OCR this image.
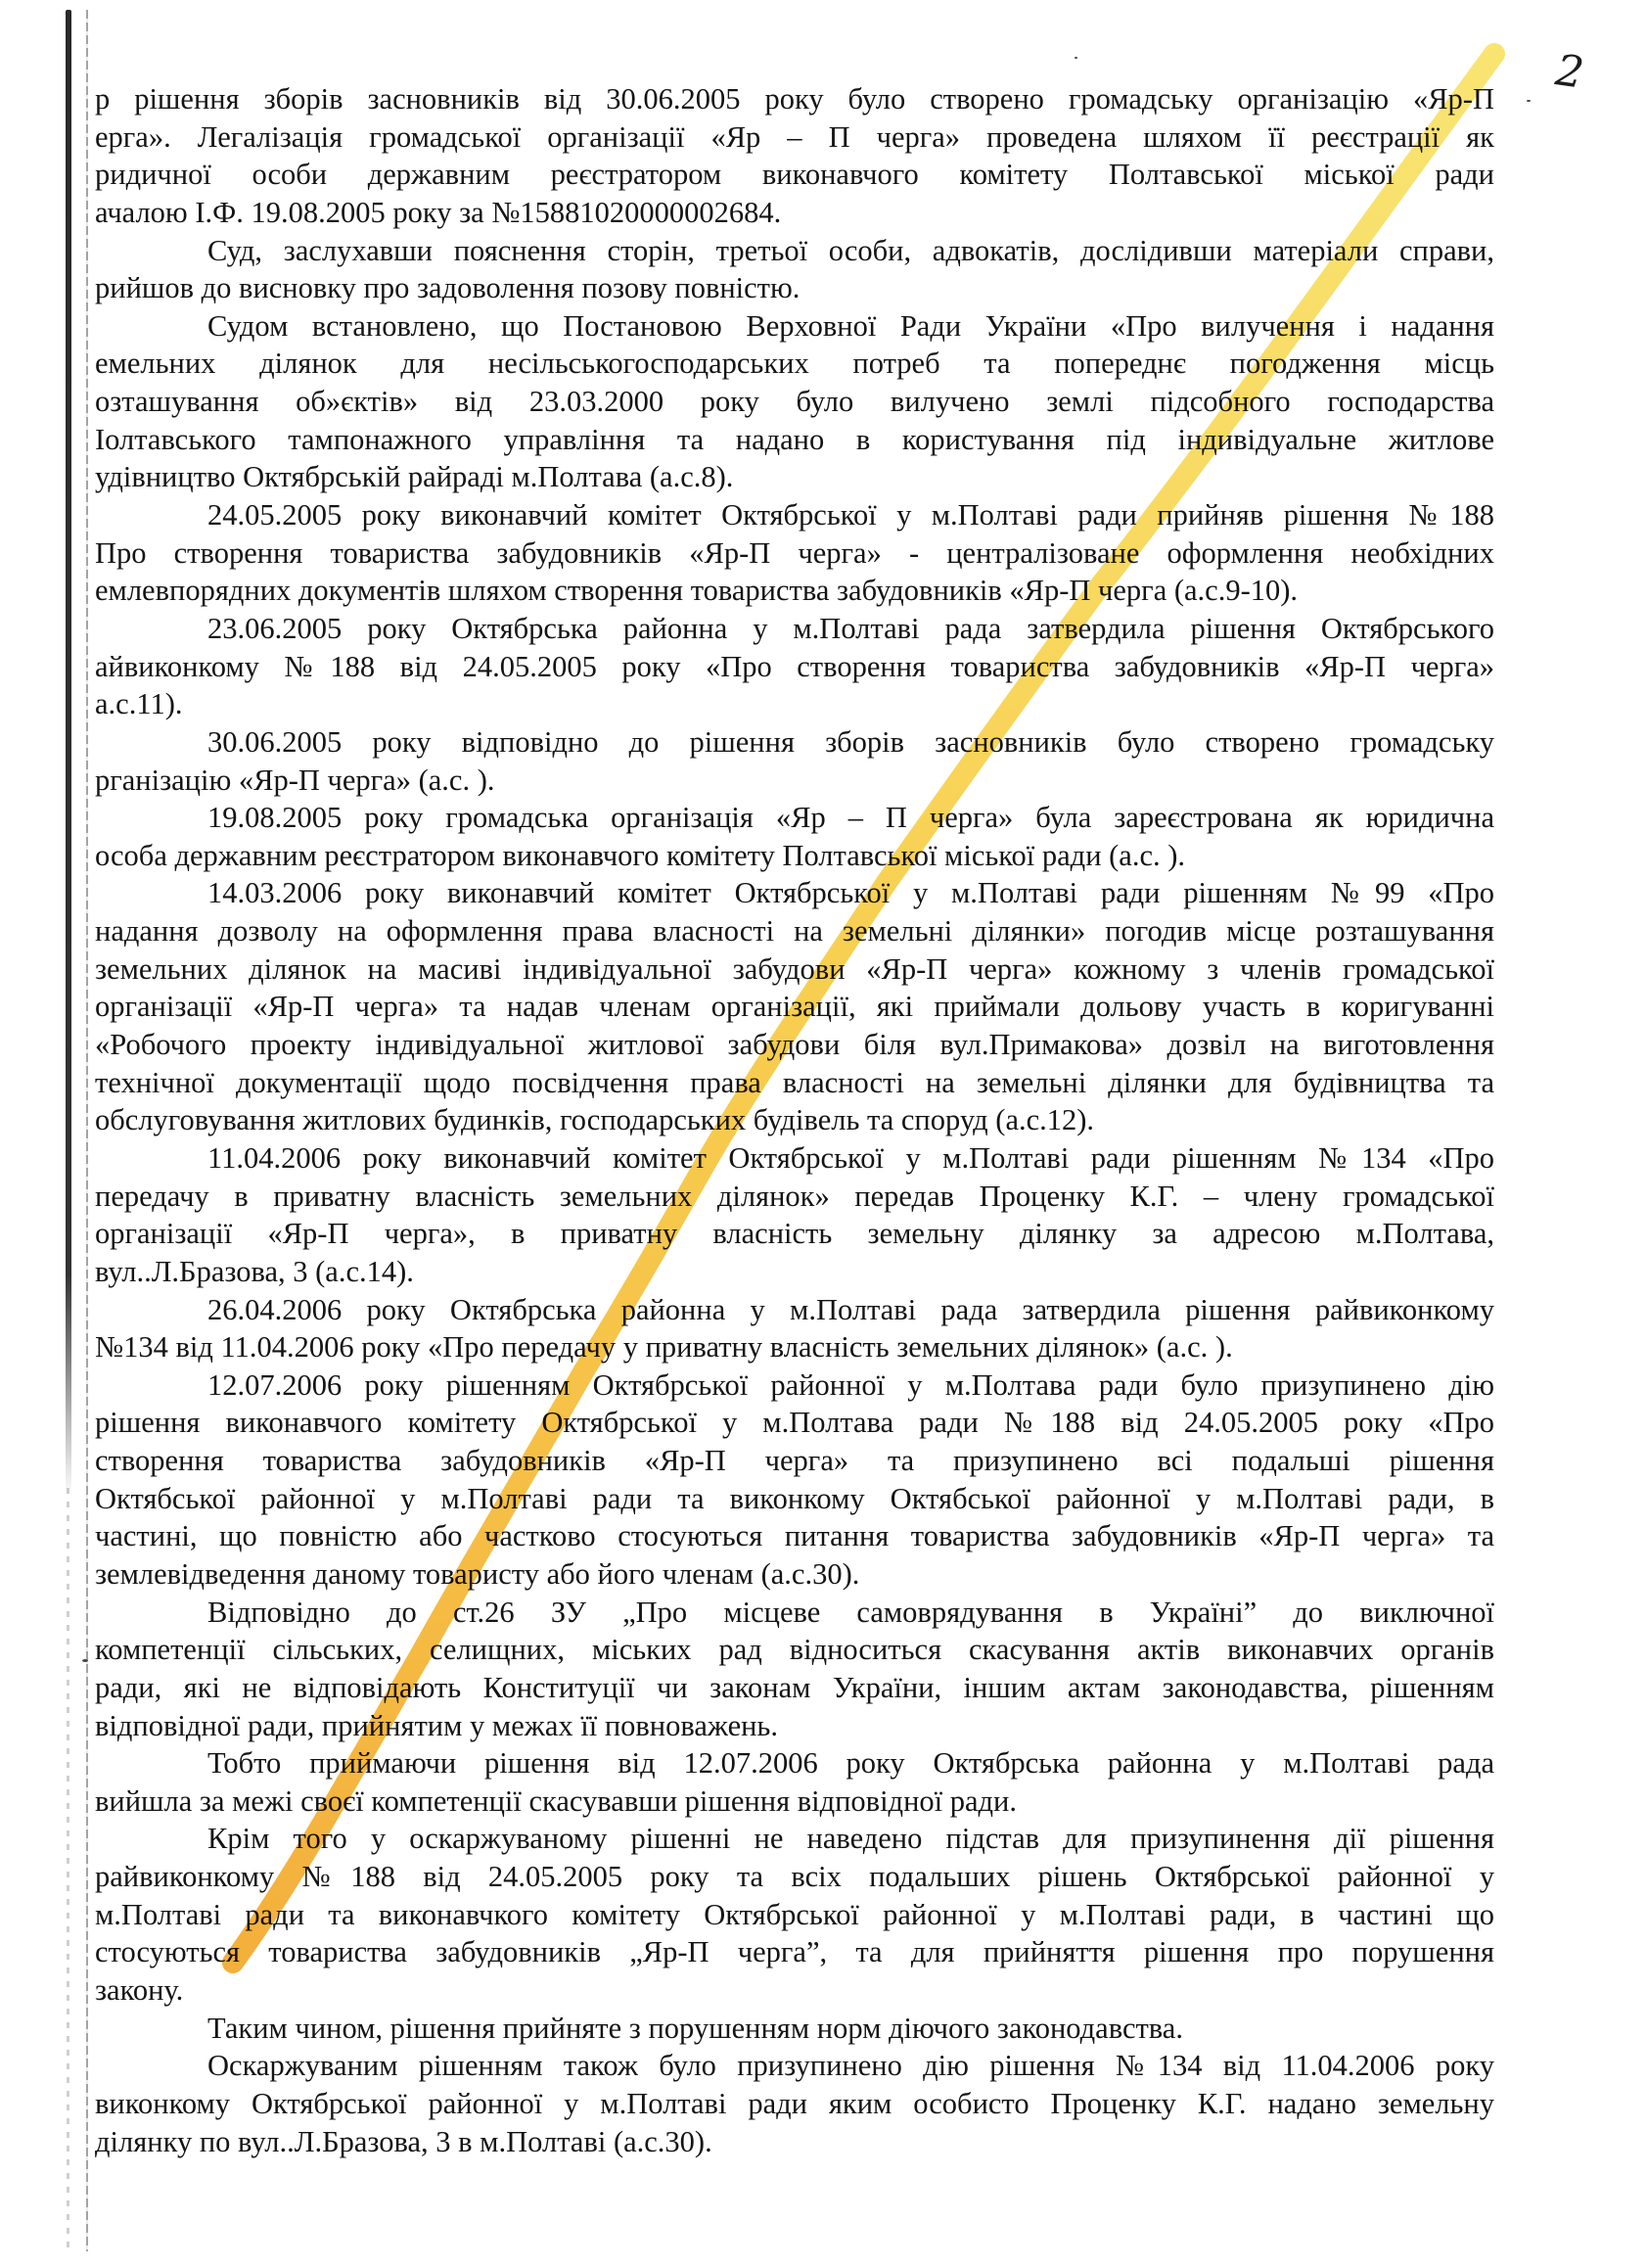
2
р рішення зборів засновників від 30.06.2005 року було створено громадську організацію «Яр-П
ерга». Легалізація громадської організації «Яр – П черга» проведена шляхом її реєстрації як
ридичної особи державним реєстратором виконавчого комітету Полтавської міської ради
ачалою І.Ф. 19.08.2005 року за №15881020000002684.
Суд, заслухавши пояснення сторін, третьої особи, адвокатів, дослідивши матеріали справи,
рийшов до висновку про задоволення позову повністю.
Судом встановлено, що Постановою Верховної Ради України «Про вилучення і надання
емельних ділянок для несільськогосподарських потреб та попереднє погодження місць
озташування об»єктів» від 23.03.2000 року було вилучено землі підсобного господарства
Іолтавського тампонажного управління та надано в користування під індивідуальне житлове
удівництво Октябрській райраді м.Полтава (а.с.8).
24.05.2005 року виконавчий комітет Октябрської у м.Полтаві ради прийняв рішення №188
Про створення товариства забудовників «Яр-П черга» - централізоване оформлення необхідних
емлевпорядних документів шляхом створення товариства забудовників «Яр-П черга (а.с.9-10).
23.06.2005 року Октябрська районна у м.Полтаві рада затвердила рішення Октябрського
айвиконкому №188 від 24.05.2005 року «Про створення товариства забудовників «Яр-П черга»
а.с.11).
30.06.2005 року відповідно до рішення зборів засновників було створено громадську
рганізацію «Яр-П черга» (а.с. ).
19.08.2005 року громадська організація «Яр – П черга» була зареєстрована як юридична
особа державним реєстратором виконавчого комітету Полтавської міської ради (а.с. ).
14.03.2006 року виконавчий комітет Октябрської у м.Полтаві ради рішенням №99 «Про
надання дозволу на оформлення права власності на земельні ділянки» погодив місце розташування
земельних ділянок на масиві індивідуальної забудови «Яр-П черга» кожному з членів громадської
організації «Яр-П черга» та надав членам організації, які приймали дольову участь в коригуванні
«Робочого проекту індивідуальної житлової забудови біля вул.Примакова» дозвіл на виготовлення
технічної документації щодо посвідчення права власності на земельні ділянки для будівництва та
обслуговування житлових будинків, господарських будівель та споруд (а.с.12).
11.04.2006 року виконавчий комітет Октябрської у м.Полтаві ради рішенням №134 «Про
передачу в приватну власність земельних ділянок» передав Проценку К.Г. – члену громадської
організації «Яр-П черга», в приватну власність земельну ділянку за адресою м.Полтава,
вул..Л.Бразова, 3 (а.с.14).
26.04.2006 року Октябрська районна у м.Полтаві рада затвердила рішення райвиконкому
№134 від 11.04.2006 року «Про передачу у приватну власність земельних ділянок» (а.с. ).
12.07.2006 року рішенням Октябрської районної у м.Полтава ради було призупинено дію
рішення виконавчого комітету Октябрської у м.Полтава ради №188 від 24.05.2005 року «Про
створення товариства забудовників «Яр-П черга» та призупинено всі подальші рішення
Октябської районної у м.Полтаві ради та виконкому Октябської районної у м.Полтаві ради, в
частині, що повністю або частково стосуються питання товариства забудовників «Яр-П черга» та
землевідведення даному товаристу або його членам (а.с.30).
Відповідно до ст.26 ЗУ „Про місцеве самоврядування в Україні” до виключної
компетенції сільських, селищних, міських рад відноситься скасування актів виконавчих органів
ради, які не відповідають Конституції чи законам України, іншим актам законодавства, рішенням
відповідної ради, прийнятим у межах її повноважень.
Тобто приймаючи рішення від 12.07.2006 року Октябрська районна у м.Полтаві рада
вийшла за межі своєї компетенції скасувавши рішення відповідної ради.
Крім того у оскаржуваному рішенні не наведено підстав для призупинення дії рішення
райвиконкому №188 від 24.05.2005 року та всіх подальших рішень Октябрської районної у
м.Полтаві ради та виконавчкого комітету Октябрської районної у м.Полтаві ради, в частині що
стосуються товариства забудовників „Яр-П черга”, та для прийняття рішення про порушення
закону.
Таким чином, рішення прийняте з порушенням норм діючого законодавства.
Оскаржуваним рішенням також було призупинено дію рішення №134 від 11.04.2006 року
виконкому Октябрської районної у м.Полтаві ради яким особисто Проценку К.Г. надано земельну
ділянку по вул..Л.Бразова, 3 в м.Полтаві (а.с.30).
